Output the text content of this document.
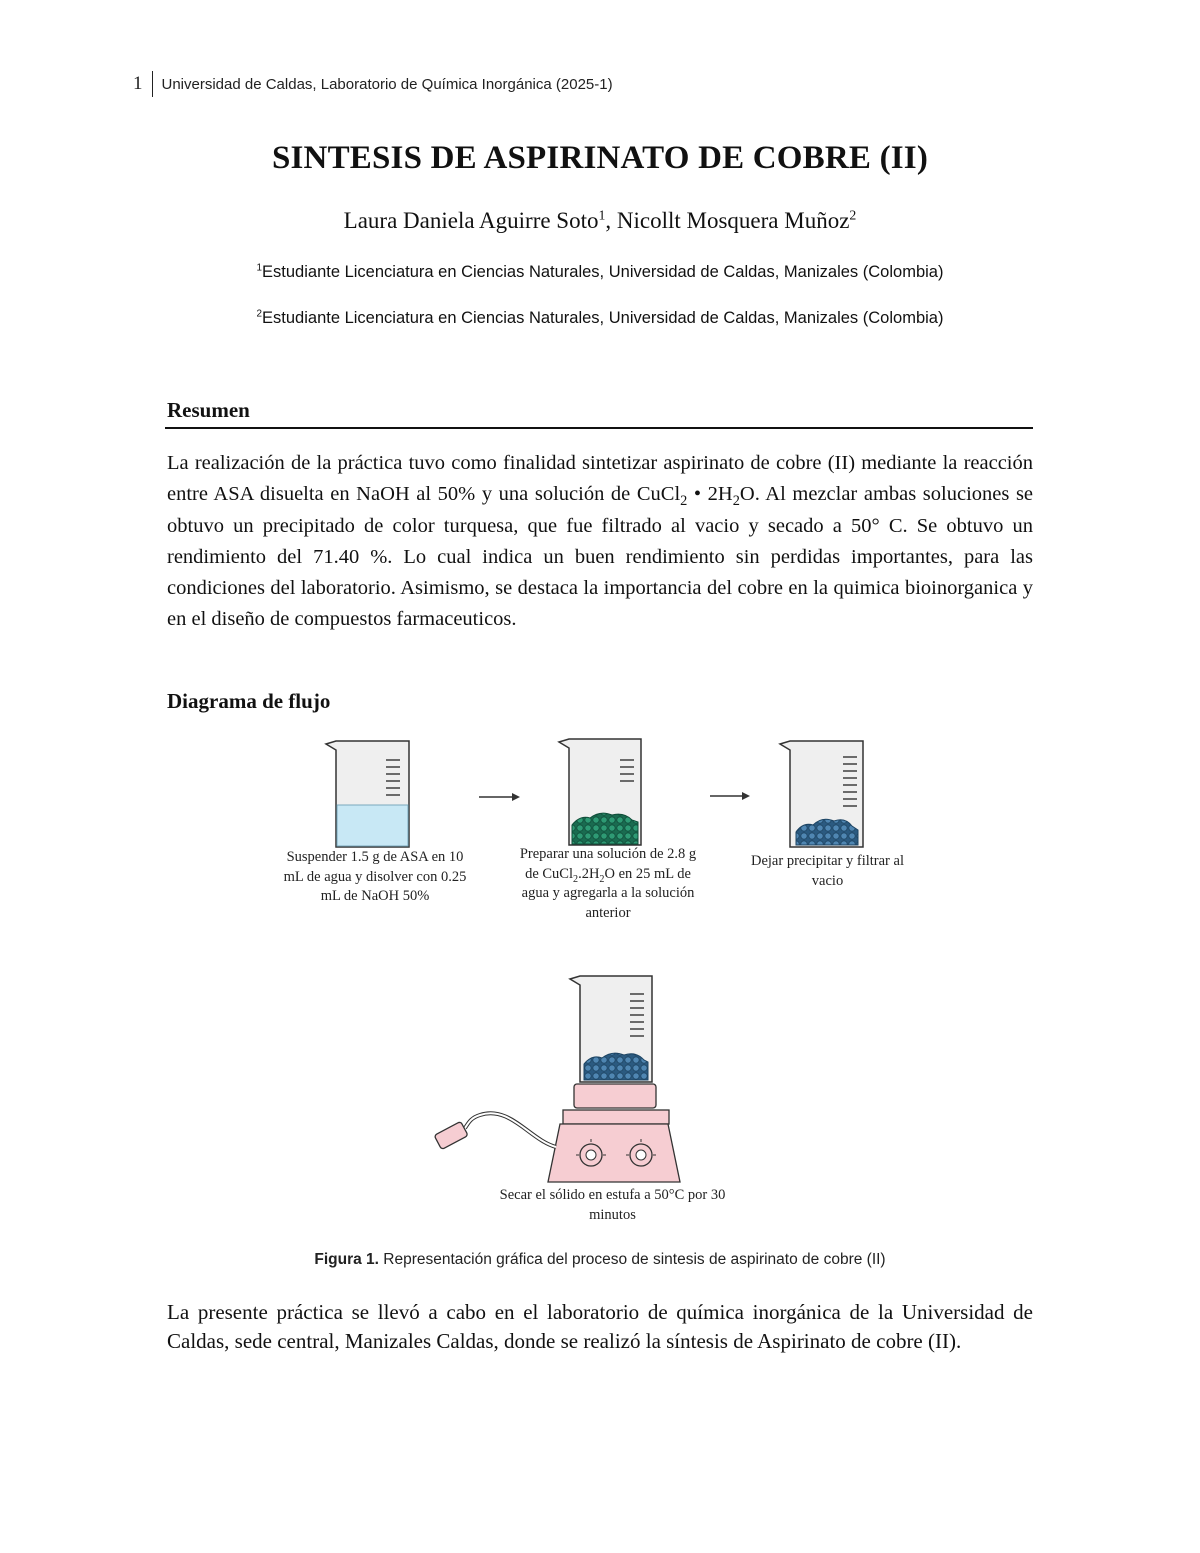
1	Universidad de Caldas, Laboratorio de Química Inorgánica (2025-1)
SINTESIS DE ASPIRINATO DE COBRE (II)
Laura Daniela Aguirre Soto$^1$, Nicollt Mosquera Muñoz$^2$
$^1$Estudiante Licenciatura en Ciencias Naturales, Universidad de Caldas, Manizales (Colombia)
$^2$Estudiante Licenciatura en Ciencias Naturales, Universidad de Caldas, Manizales (Colombia)
Resumen
La realización de la práctica tuvo como finalidad sintetizar aspirinato de cobre (II) mediante la reacción entre ASA disuelta en NaOH al 50% y una solución de CuCl$_2$ • $2H_2O$. Al mezclar ambas soluciones se obtuvo un precipitado de color turquesa, que fue filtrado al vacio y secado a 50° C. Se obtuvo un rendimiento del 71.40 %. Lo cual indica un buen rendimiento sin perdidas importantes, para las condiciones del laboratorio. Asimismo, se destaca la importancia del cobre en la quimica bioinorganica y en el diseño de compuestos farmaceuticos.
Diagrama de flujo
Suspender 1.5 g de ASA en 10 mL de agua y disolver con 0.25 mL de NaOH 50%
Preparar una solución de 2.8 g de $CuCl_2.2H_2O$ en 25 mL de agua y agregarla a la solución anterior
Dejar precipitar y filtrar al vacio
Secar el sólido en estufa a 50°C por 30 minutos
Figura 1. Representación gráfica del proceso de sintesis de aspirinato de cobre (II)
La presente práctica se llevó a cabo en el laboratorio de química inorgánica de la Universidad de Caldas, sede central, Manizales Caldas, donde se realizó la síntesis de Aspirinato de cobre (II).
